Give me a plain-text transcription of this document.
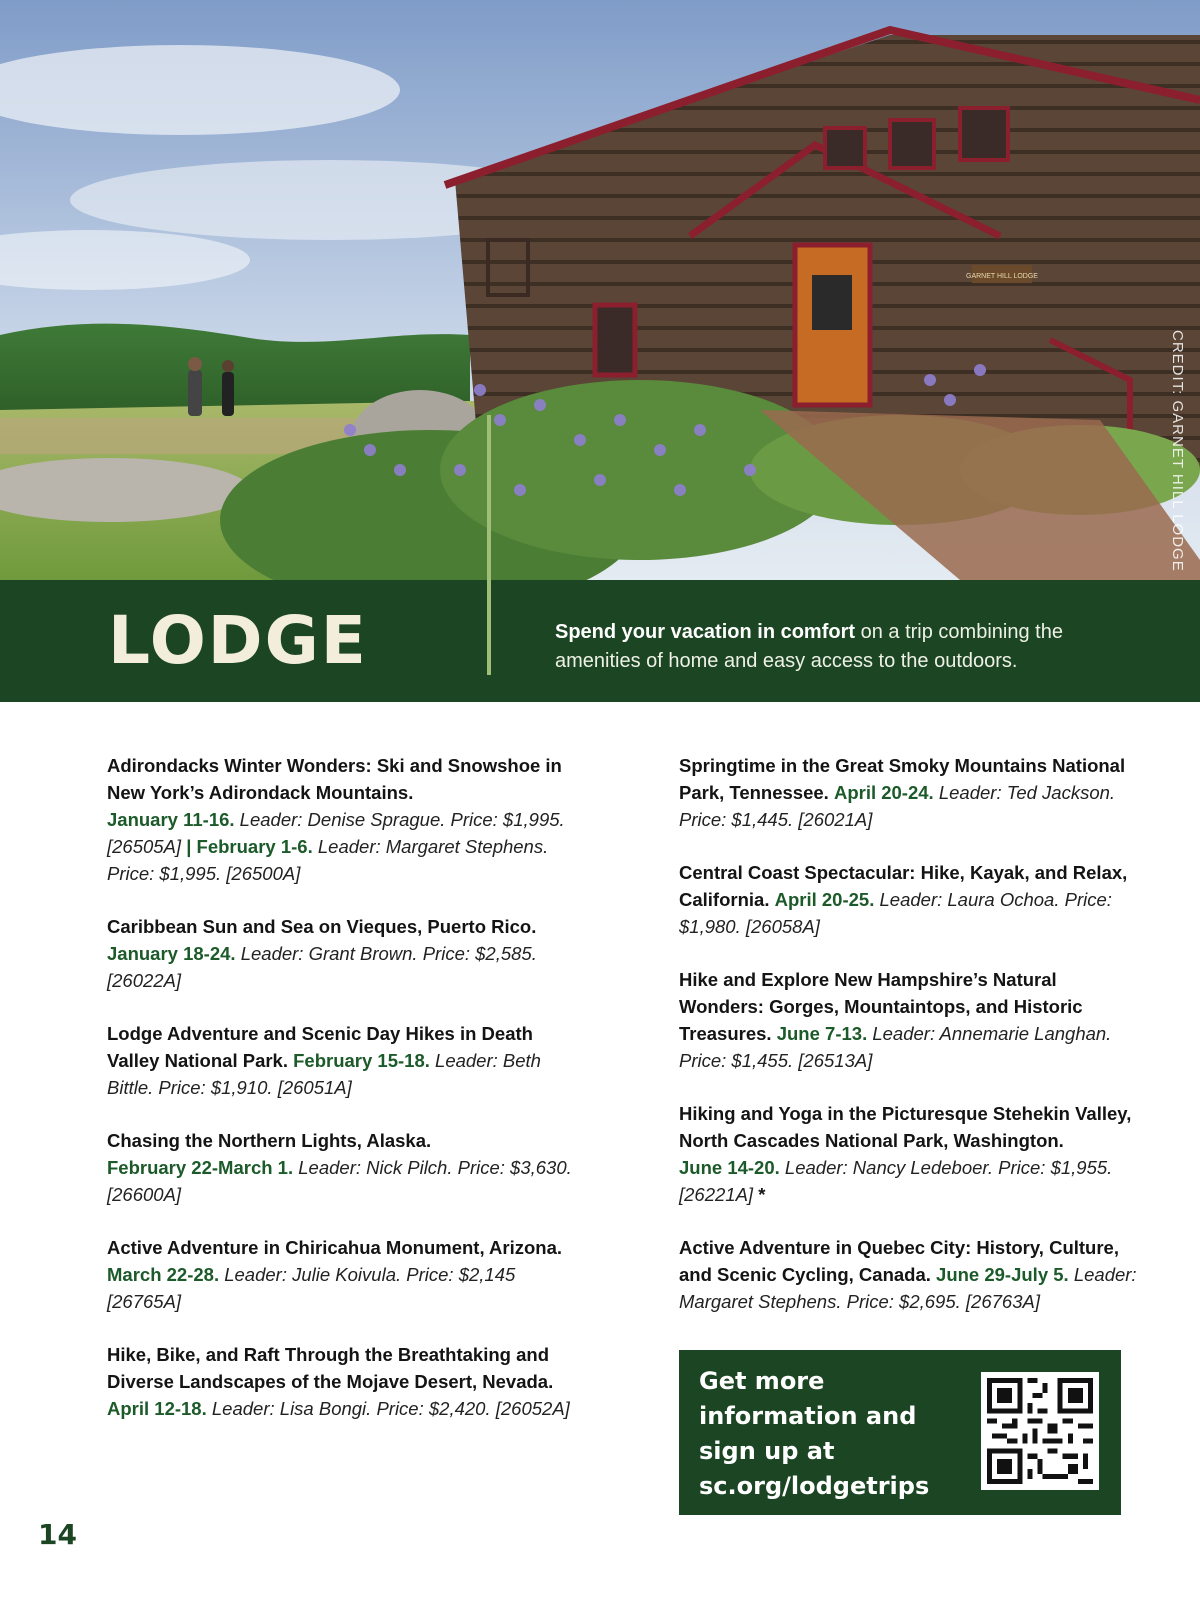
GARNET HILL LODGE
CREDIT: GARNET HILL LODGE
LODGE	Spend your vacation in comfort on a trip combining the amenities of home and easy access to the outdoors.

Adirondacks Winter Wonders: Ski and Snowshoe in New York’s Adirondack Mountains.
January 11-16. Leader: Denise Sprague. Price: $1,995. [26505A] | February 1-6. Leader: Margaret Stephens. Price: $1,995. [26500A]

Caribbean Sun and Sea on Vieques, Puerto Rico.
January 18-24. Leader: Grant Brown. Price: $2,585. [26022A]

Lodge Adventure and Scenic Day Hikes in Death Valley National Park. February 15-18. Leader: Beth Bittle. Price: $1,910. [26051A]

Chasing the Northern Lights, Alaska.
February 22-March 1. Leader: Nick Pilch. Price: $3,630. [26600A]

Active Adventure in Chiricahua Monument, Arizona.
March 22-28. Leader: Julie Koivula. Price: $2,145 [26765A]

Hike, Bike, and Raft Through the Breathtaking and Diverse Landscapes of the Mojave Desert, Nevada.
April 12-18. Leader: Lisa Bongi. Price: $2,420. [26052A]

Springtime in the Great Smoky Mountains National Park, Tennessee. April 20-24. Leader: Ted Jackson. Price: $1,445. [26021A]

Central Coast Spectacular: Hike, Kayak, and Relax, California. April 20-25. Leader: Laura Ochoa. Price: $1,980. [26058A]

Hike and Explore New Hampshire’s Natural Wonders: Gorges, Mountaintops, and Historic Treasures. June 7-13. Leader: Annemarie Langhan. Price: $1,455. [26513A]

Hiking and Yoga in the Picturesque Stehekin Valley, North Cascades National Park, Washington.
June 14-20. Leader: Nancy Ledeboer. Price: $1,955. [26221A] *

Active Adventure in Quebec City: History, Culture, and Scenic Cycling, Canada. June 29-July 5. Leader: Margaret Stephens. Price: $2,695. [26763A]

Get more information and sign up at sc.org/lodgetrips
14
